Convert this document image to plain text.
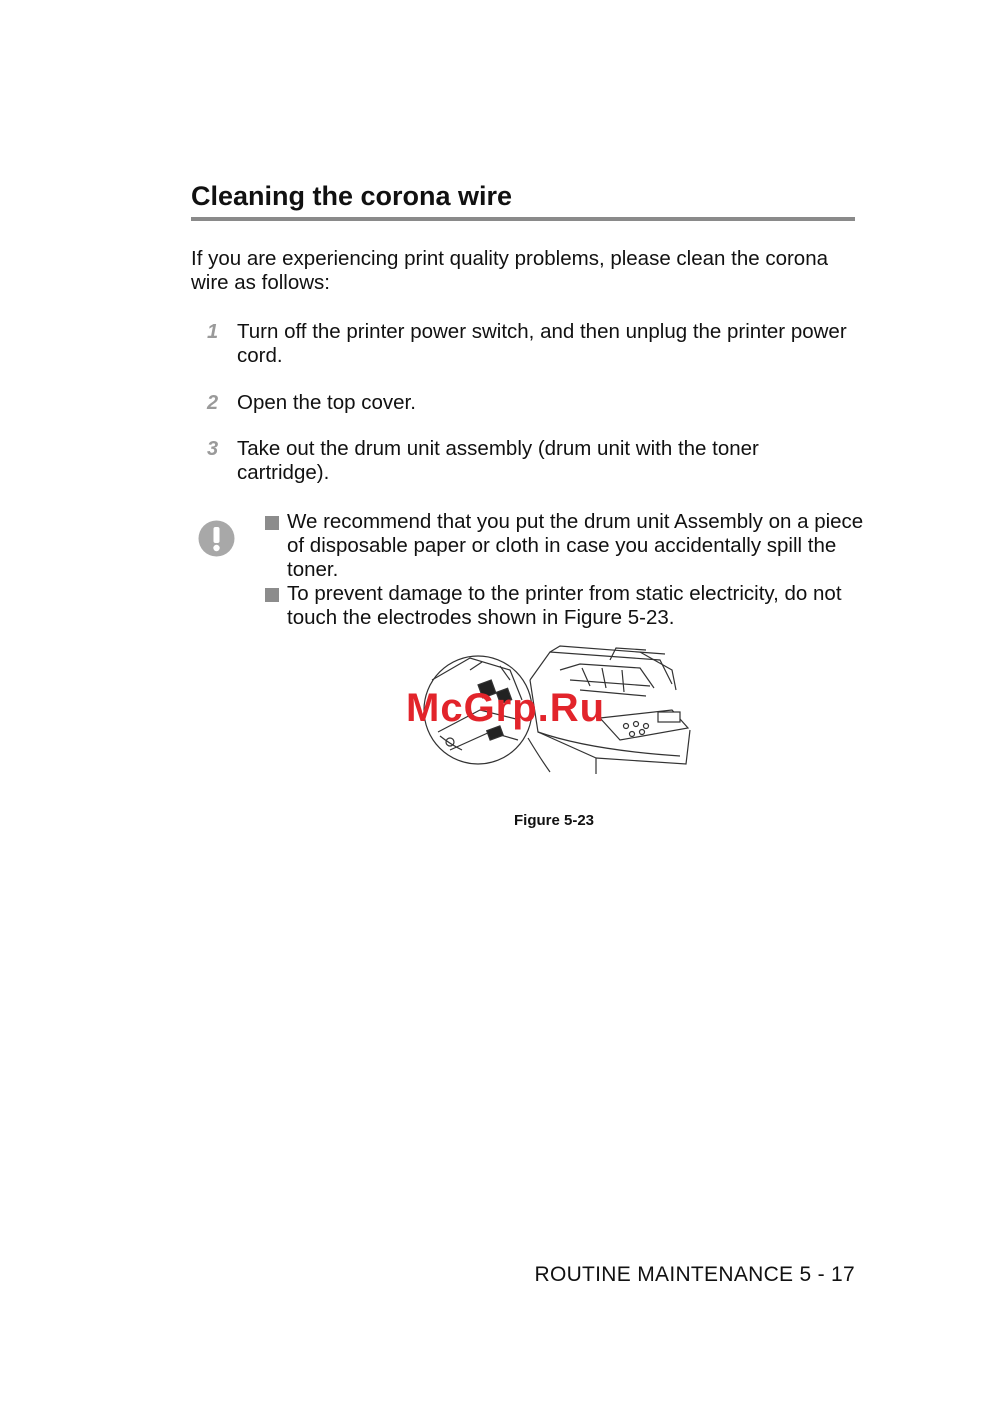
Cleaning the corona wire

If you are experiencing print quality problems, please clean the corona wire as follows:

1 Turn off the printer power switch, and then unplug the printer power cord.

2 Open the top cover.

3 Take out the drum unit assembly (drum unit with the toner cartridge).

We recommend that you put the drum unit Assembly on a piece of disposable paper or cloth in case you accidentally spill the toner.
To prevent damage to the printer from static electricity, do not touch the electrodes shown in Figure 5-23.
McGrp.Ru
Figure 5-23
ROUTINE MAINTENANCE 5 - 17
